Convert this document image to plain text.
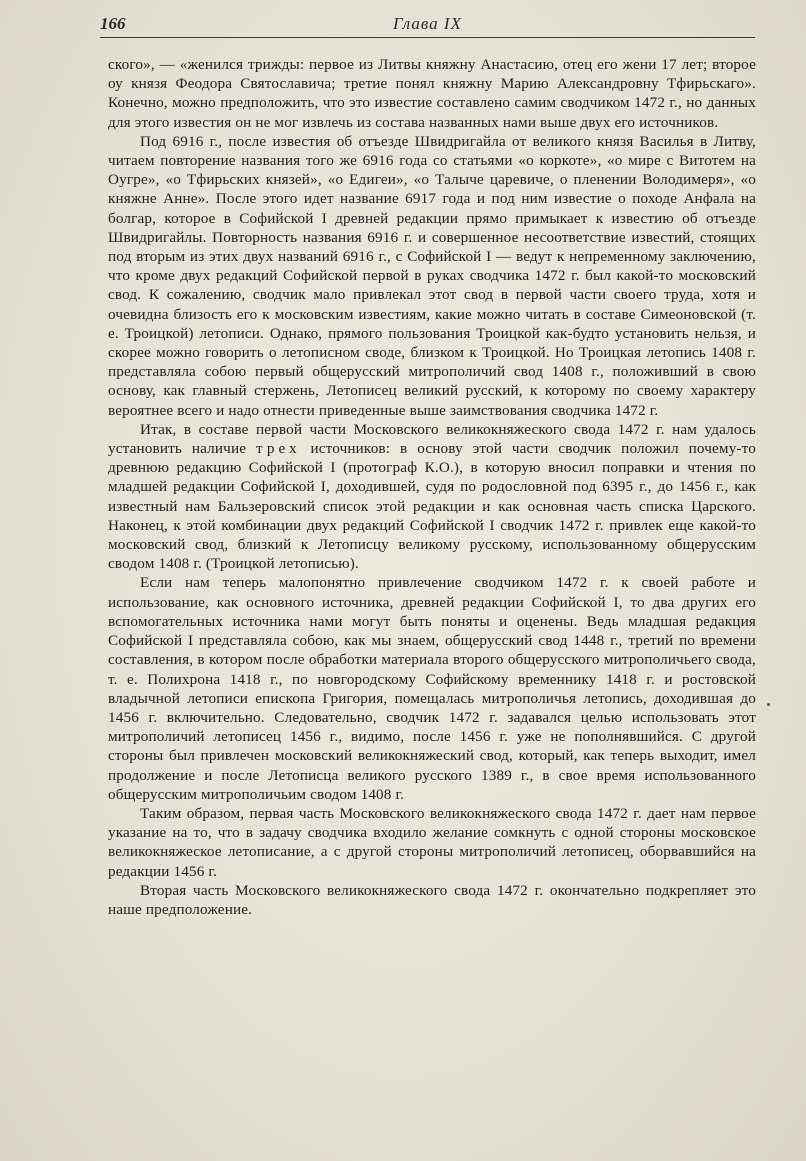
166	Глава IX

ского», — «женился трижды: первое из Литвы княжну Анастасию, отец его жени 17 лет; второе оу князя Феодора Святославича; третие понял княжну Марию Александровну Тфирьскаго». Конечно, можно предположить, что это известие составлено самим сводчиком 1472 г., но данных для этого известия он не мог извлечь из состава названных нами выше двух его источников.

Под 6916 г., после известия об отъезде Швидригайла от великого князя Василья в Литву, читаем повторение названия того же 6916 года со статьями «о коркоте», «о мире с Витотем на Оугре», «о Тфирьских князей», «о Едигеи», «о Талыче царевиче, о пленении Володимеря», «о княжне Анне». После этого идет название 6917 года и под ним известие о походе Анфала на болгар, которое в Софийской I древней редакции прямо примыкает к известию об отъезде Швидригайлы. Повторность названия 6916 г. и совершенное несоответствие известий, стоящих под вторым из этих двух названий 6916 г., с Софийской I — ведут к непременному заключению, что кроме двух редакций Софийской первой в руках сводчика 1472 г. был какой-то московский свод. К сожалению, сводчик мало привлекал этот свод в первой части своего труда, хотя и очевидна близость его к московским известиям, какие можно читать в составе Симеоновской (т. е. Троицкой) летописи. Однако, прямого пользования Троицкой как-будто установить нельзя, и скорее можно говорить о летописном своде, близком к Троицкой. Но Троицкая летопись 1408 г. представляла собою первый общерусский митрополичий свод 1408 г., положивший в свою основу, как главный стержень, Летописец великий русский, к которому по своему характеру вероятнее всего и надо отнести приведенные выше заимствования сводчика 1472 г.

Итак, в составе первой части Московского великокняжеского свода 1472 г. нам удалось установить наличие трех источников: в основу этой части сводчик положил почему-то древнюю редакцию Софийской I (протограф К.О.), в которую вносил поправки и чтения по младшей редакции Софийской I, доходившей, судя по родословной под 6395 г., до 1456 г., как известный нам Бальзеровский список этой редакции и как основная часть списка Царского. Наконец, к этой комбинации двух редакций Софийской I сводчик 1472 г. привлек еще какой-то московский свод, близкий к Летописцу великому русскому, использованному общерусским сводом 1408 г. (Троицкой летописью).

Если нам теперь малопонятно привлечение сводчиком 1472 г. к своей работе и использование, как основного источника, древней редакции Софийской I, то два других его вспомогательных источника нами могут быть поняты и оценены. Ведь младшая редакция Софийской I представляла собою, как мы знаем, общерусский свод 1448 г., третий по времени составления, в котором после обработки материала второго общерусского митрополичьего свода, т. е. Полихрона 1418 г., по новгородскому Софийскому временнику 1418 г. и ростовской владычной летописи епископа Григория, помещалась митрополичья летопись, доходившая до 1456 г. включительно. Следовательно, сводчик 1472 г. задавался целью использовать этот митрополичий летописец 1456 г., видимо, после 1456 г. уже не пополнявшийся. С другой стороны был привлечен московский великокняжеский свод, который, как теперь выходит, имел продолжение и после Летописца великого русского 1389 г., в свое время использованного общерусским митрополичьим сводом 1408 г.

Таким образом, первая часть Московского великокняжеского свода 1472 г. дает нам первое указание на то, что в задачу сводчика входило желание сомкнуть с одной стороны московское великокняжеское летописание, а с другой стороны митрополичий летописец, оборвавшийся на редакции 1456 г.

Вторая часть Московского великокняжеского свода 1472 г. окончательно подкрепляет это наше предположение.
